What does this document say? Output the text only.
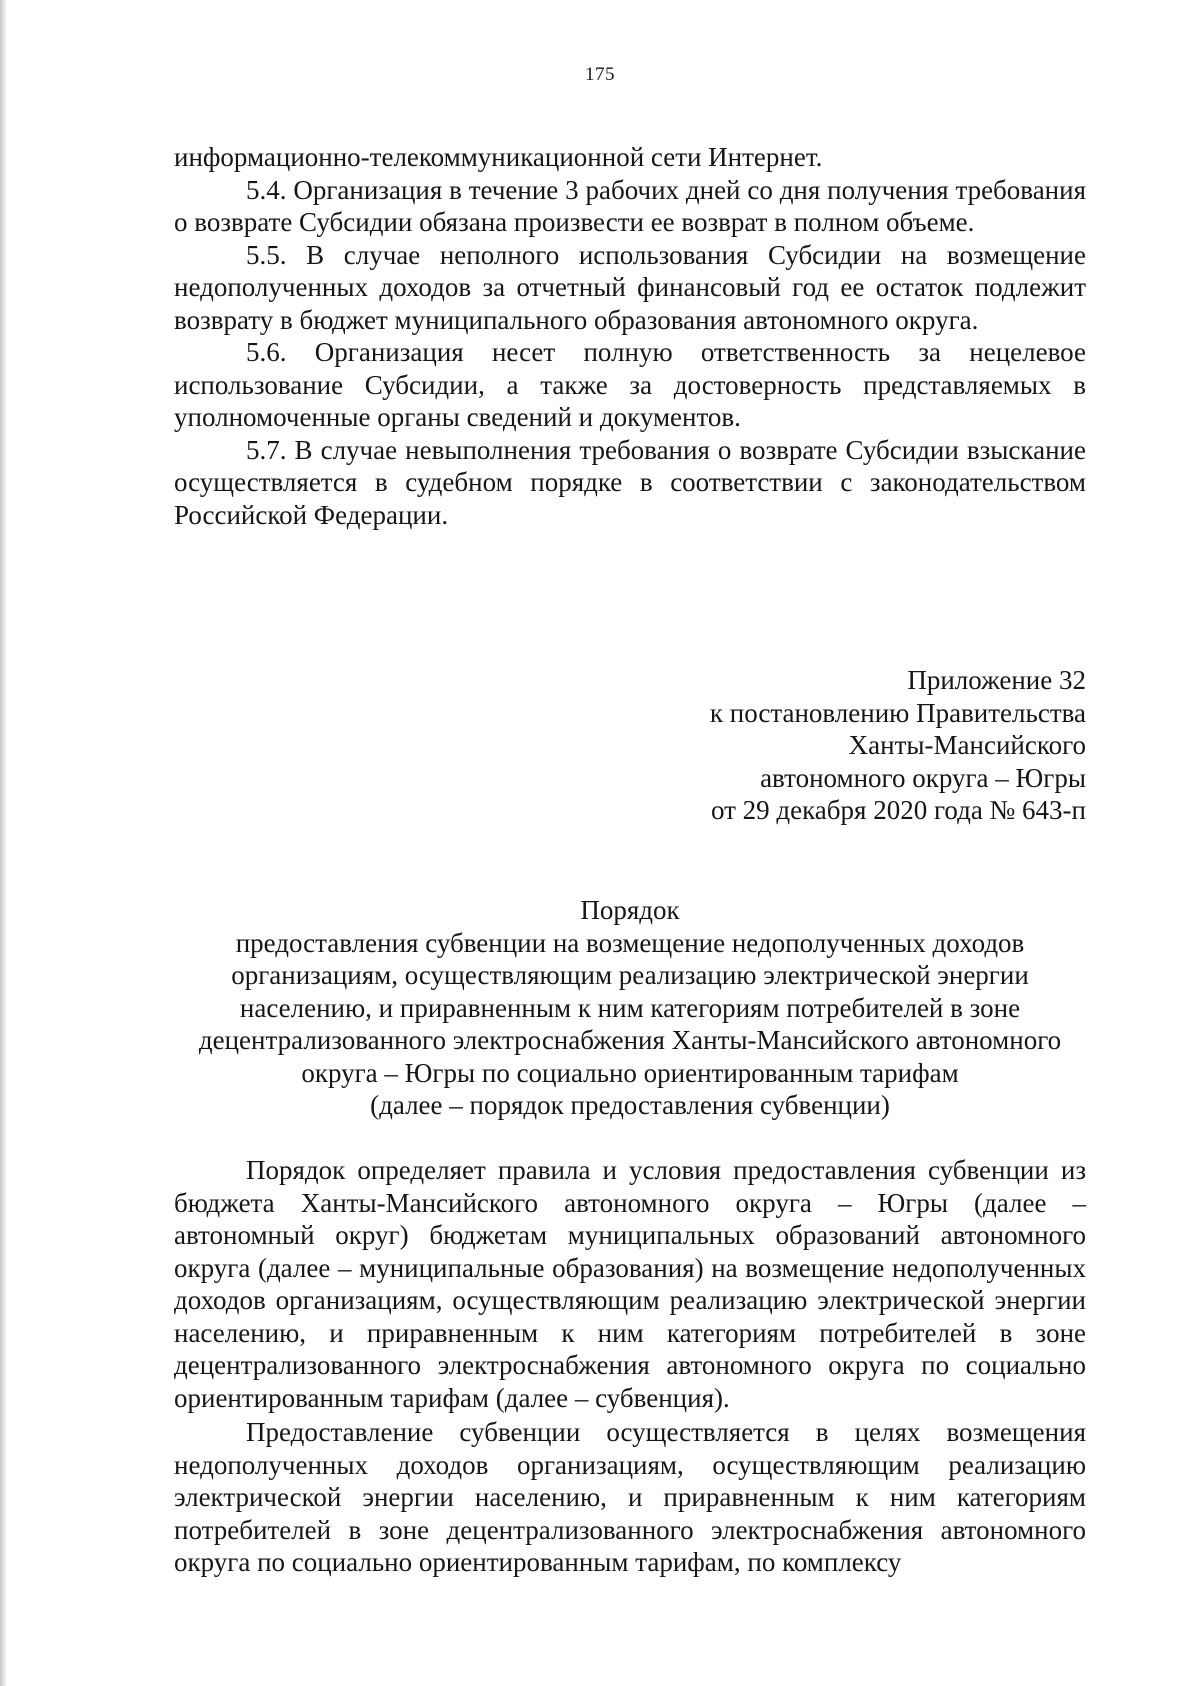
175

информационно-телекоммуникационной сети Интернет.

5.4. Организация в течение 3 рабочих дней со дня получения требования о возврате Субсидии обязана произвести ее возврат в полном объеме.

5.5. В случае неполного использования Субсидии на возмещение недополученных доходов за отчетный финансовый год ее остаток подлежит возврату в бюджет муниципального образования автономного округа.

5.6. Организация несет полную ответственность за нецелевое использование Субсидии, а также за достоверность представляемых в уполномоченные органы сведений и документов.

5.7. В случае невыполнения требования о возврате Субсидии взыскание осуществляется в судебном порядке в соответствии с законодательством Российской Федерации.

Приложение 32
к постановлению Правительства
Ханты-Мансийского
автономного округа – Югры
от 29 декабря 2020 года № 643-п
Порядок
предоставления субвенции на возмещение недополученных доходов
организациям, осуществляющим реализацию электрической энергии
населению, и приравненным к ним категориям потребителей в зоне
децентрализованного электроснабжения Ханты-Мансийского автономного
округа – Югры по социально ориентированным тарифам
(далее – порядок предоставления субвенции)

Порядок определяет правила и условия предоставления субвенции из бюджета Ханты-Мансийского автономного округа – Югры (далее – автономный округ) бюджетам муниципальных образований автономного округа (далее – муниципальные образования) на возмещение недополученных доходов организациям, осуществляющим реализацию электрической энергии населению, и приравненным к ним категориям потребителей в зоне децентрализованного электроснабжения автономного округа по социально ориентированным тарифам (далее – субвенция).

Предоставление субвенции осуществляется в целях возмещения недополученных доходов организациям, осуществляющим реализацию электрической энергии населению, и приравненным к ним категориям потребителей в зоне децентрализованного электроснабжения автономного округа по социально ориентированным тарифам, по комплексу
